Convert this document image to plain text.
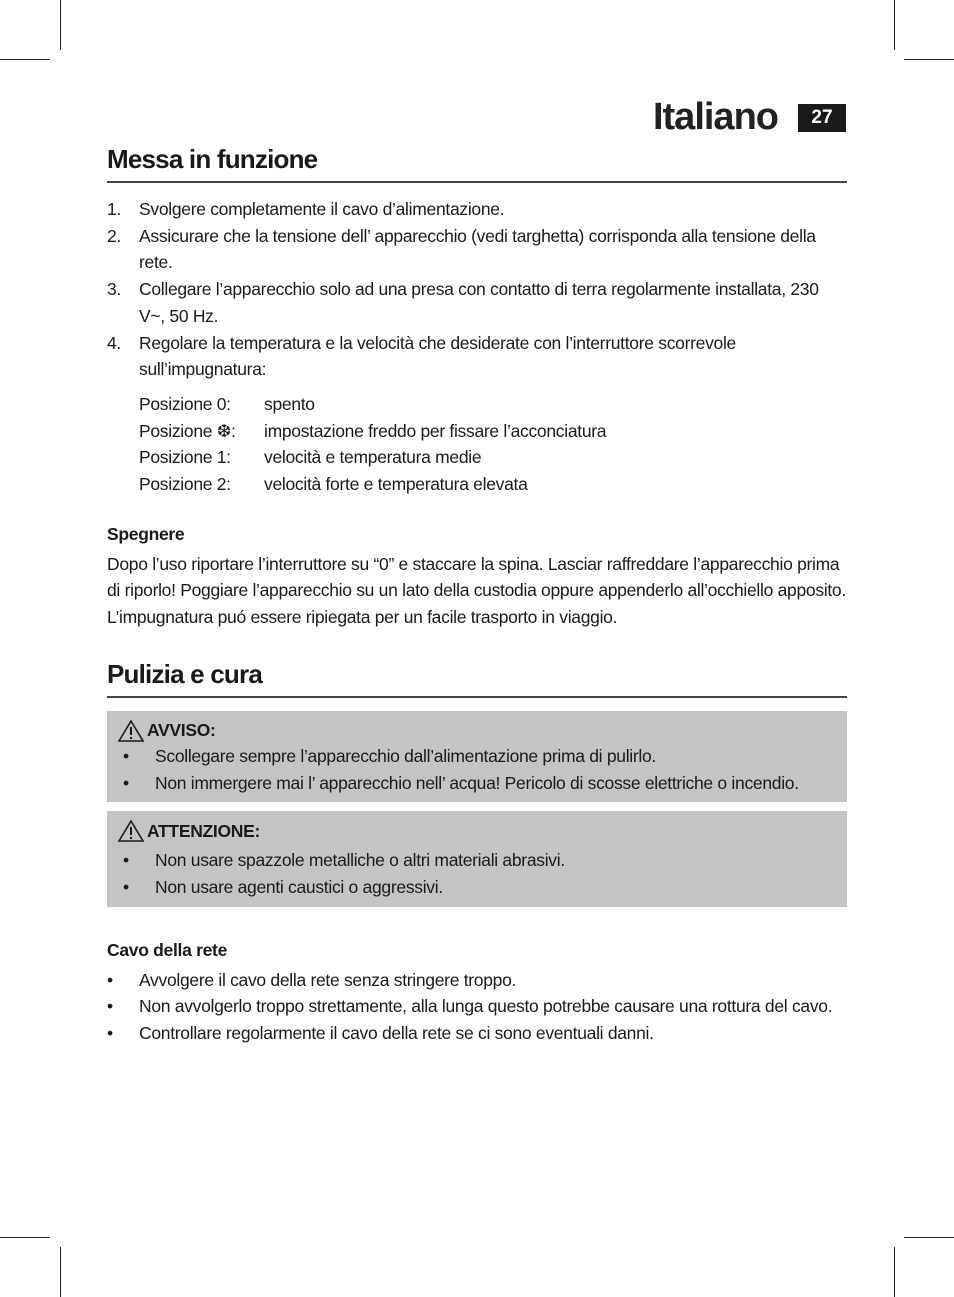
Italiano	27
Messa in funzione
1.	Svolgere completamente il cavo d’alimentazione.
2.	Assicurare che la tensione dell’ apparecchio (vedi targhetta) corrisponda alla tensione della rete.
3.	Collegare l’apparecchio solo ad una presa con contatto di terra regolarmente installata, 230 V~, 50 Hz.
4.	Regolare la temperatura e la velocità che desiderate con l’interruttore scorrevole sull’impugnatura:
Posizione 0:	spento
Posizione ❆:	impostazione freddo per fissare l’acconciatura
Posizione 1:	velocità e temperatura medie
Posizione 2:	velocità forte e temperatura elevata
Spegnere

Dopo l’uso riportare l’interruttore su “0” e staccare la spina. Lasciar raffreddare l’apparecchio prima di riporlo! Poggiare l’apparecchio su un lato della custodia oppure appenderlo all’occhiello apposito.

L’impugnatura puó essere ripiegata per un facile trasporto in viaggio.

Pulizia e cura
AVVISO:
•	Scollegare sempre l’apparecchio dall’alimentazione prima di pulirlo.
•	Non immergere mai l’ apparecchio nell’ acqua! Pericolo di scosse elettriche o incendio.
ATTENZIONE:
•	Non usare spazzole metalliche o altri materiali abrasivi.
•	Non usare agenti caustici o aggressivi.
Cavo della rete
•	Avvolgere il cavo della rete senza stringere troppo.
•	Non avvolgerlo troppo strettamente, alla lunga questo potrebbe causare una rottura del cavo.
•	Controllare regolarmente il cavo della rete se ci sono eventuali danni.
